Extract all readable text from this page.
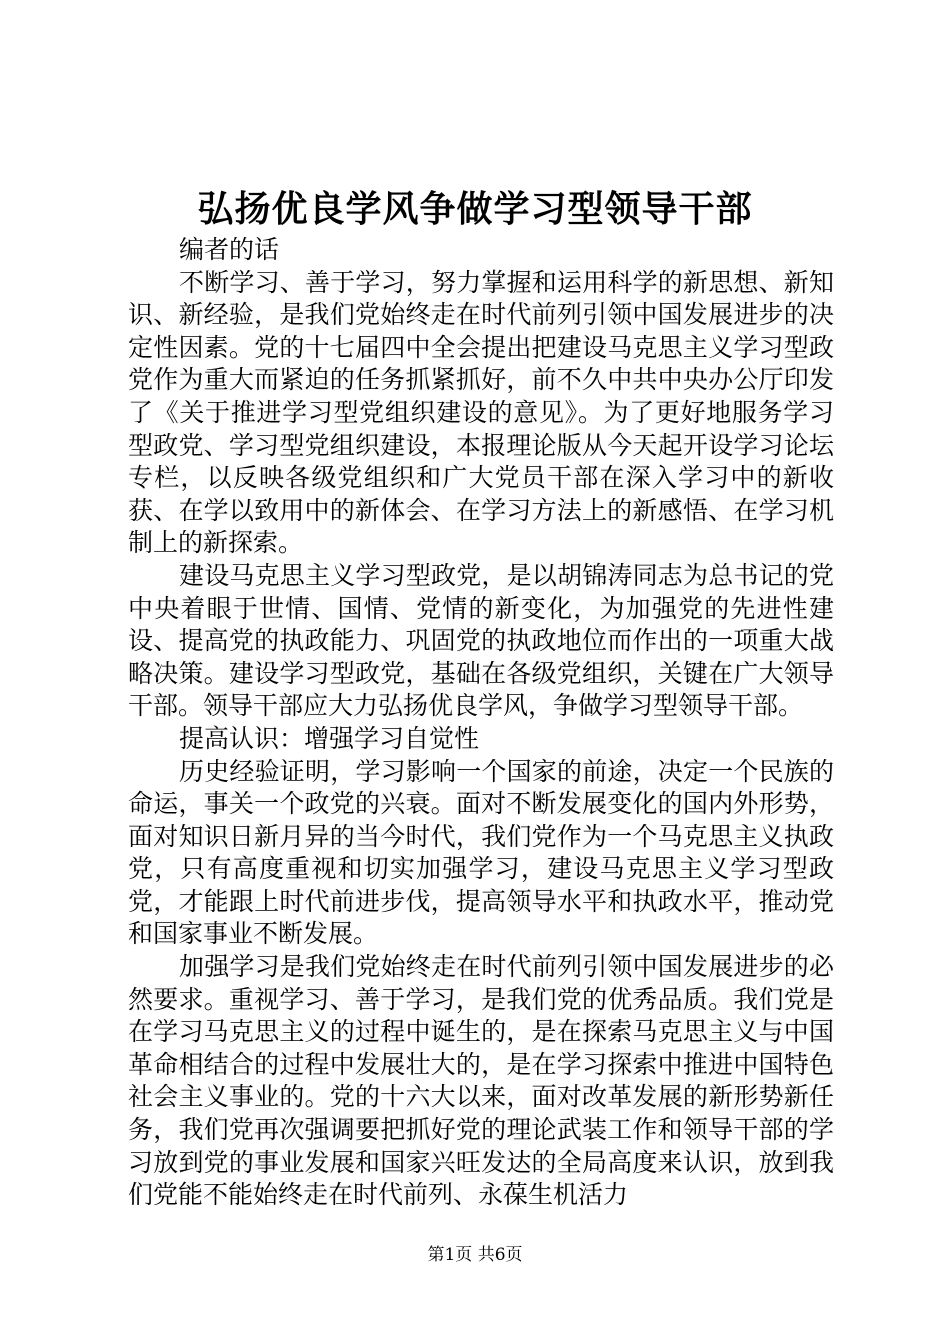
弘扬优良学风争做学习型领导干部

编者的话

不断学习、善于学习，努力掌握和运用科学的新思想、新知识、新经验，是我们党始终走在时代前列引领中国发展进步的决定性因素。党的十七届四中全会提出把建设马克思主义学习型政党作为重大而紧迫的任务抓紧抓好，前不久中共中央办公厅印发了《关于推进学习型党组织建设的意见》。为了更好地服务学习型政党、学习型党组织建设，本报理论版从今天起开设学习论坛专栏，以反映各级党组织和广大党员干部在深入学习中的新收获、在学以致用中的新体会、在学习方法上的新感悟、在学习机制上的新探索。

建设马克思主义学习型政党，是以胡锦涛同志为总书记的党中央着眼于世情、国情、党情的新变化，为加强党的先进性建设、提高党的执政能力、巩固党的执政地位而作出的一项重大战略决策。建设学习型政党，基础在各级党组织，关键在广大领导干部。领导干部应大力弘扬优良学风，争做学习型领导干部。

提高认识：增强学习自觉性

历史经验证明，学习影响一个国家的前途，决定一个民族的命运，事关一个政党的兴衰。面对不断发展变化的国内外形势，面对知识日新月异的当今时代，我们党作为一个马克思主义执政党，只有高度重视和切实加强学习，建设马克思主义学习型政党，才能跟上时代前进步伐，提高领导水平和执政水平，推动党和国家事业不断发展。

加强学习是我们党始终走在时代前列引领中国发展进步的必然要求。重视学习、善于学习，是我们党的优秀品质。我们党是在学习马克思主义的过程中诞生的，是在探索马克思主义与中国革命相结合的过程中发展壮大的，是在学习探索中推进中国特色社会主义事业的。党的十六大以来，面对改革发展的新形势新任务，我们党再次强调要把抓好党的理论武装工作和领导干部的学习放到党的事业发展和国家兴旺发达的全局高度来认识，放到我们党能不能始终走在时代前列、永葆生机活力

第1页 共6页
